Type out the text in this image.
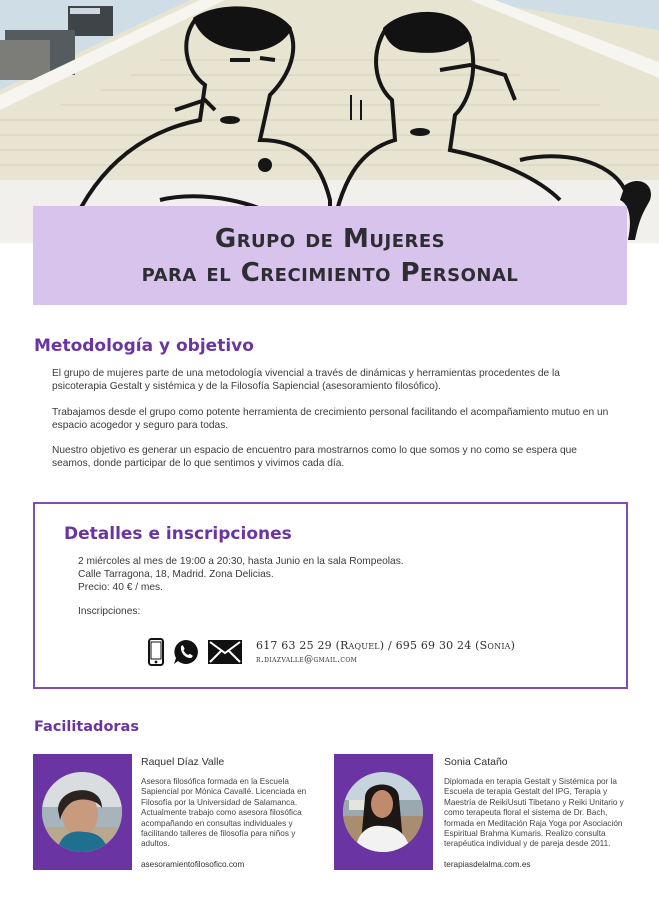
Grupo de Mujeres
para el Crecimiento Personal
Metodología y objetivo

El grupo de mujeres parte de una metodología vivencial a través de dinámicas y herramientas procedentes de la psicoterapia Gestalt y sistémica y de la Filosofía Sapiencial (asesoramiento filosófico).

Trabajamos desde el grupo como potente herramienta de crecimiento personal facilitando el acompañamiento mutuo en un espacio acogedor y seguro para todas.

Nuestro objetivo es generar un espacio de encuentro para mostrarnos como lo que somos y no como se espera que seamos, donde participar de lo que sentimos y vivimos cada día.

Detalles e inscripciones
2 miércoles al mes de 19:00 a 20:30, hasta Junio en la sala Rompeolas.
Calle Tarragona, 18, Madrid. Zona Delicias.
Precio: 40 € / mes.
Inscripciones:
617 63 25 29 (Raquel) / 695 69 30 24 (Sonia)
r.diazvalle@gmail.com
Facilitadoras
Raquel Díaz Valle
Asesora filosófica formada en la Escuela Sapiencial por Mónica Cavallé. Licenciada en Filosofía por la Universidad de Salamanca. Actualmente trabajo como asesora filosófica acompañando en consultas individuales y facilitando talleres de filosofía para niños y adultos.
asesoramientofilosofico.com
Sonia Cataño
Diplomada en terapia Gestalt y Sistémica por la Escuela de terapia Gestalt del IPG, Terapia y Maestría de ReikiUsuti Tibetano y Reiki Unitario y como terapeuta floral el sistema de Dr. Bach, formada en Meditación Raja Yoga por Asociación Espiritual Brahma Kumaris. Realizo consulta terapéutica individual y de pareja desde 2011.
terapiasdelalma.com.es
